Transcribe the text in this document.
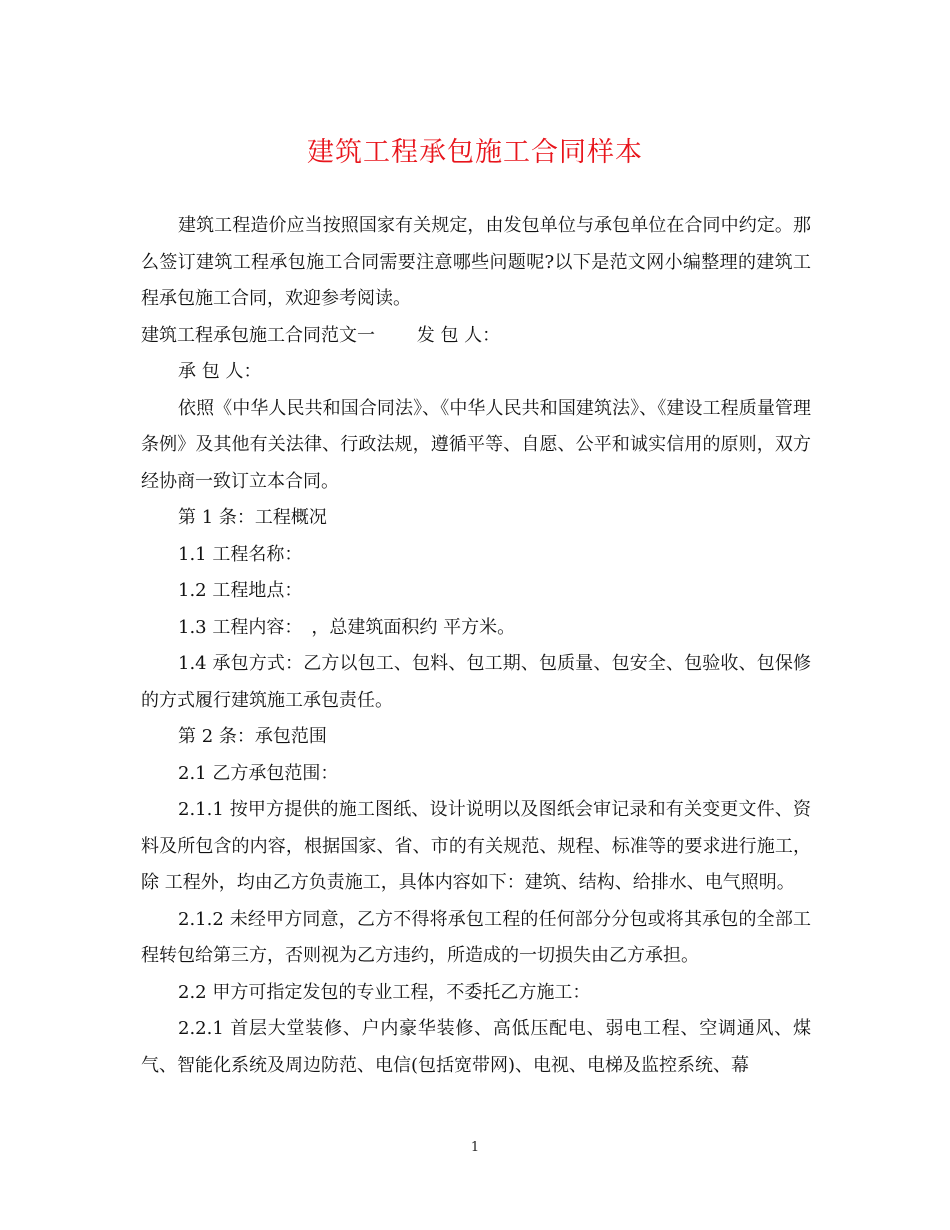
建筑工程承包施工合同样本

建筑工程造价应当按照国家有关规定，由发包单位与承包单位在合同中约定。那么签订建筑工程承包施工合同需要注意哪些问题呢?以下是范文网小编整理的建筑工程承包施工合同，欢迎参考阅读。

建筑工程承包施工合同范文一　　 发 包 人：

承 包 人：

依照《中华人民共和国合同法》、《中华人民共和国建筑法》、《建设工程质量管理条例》及其他有关法律、行政法规，遵循平等、自愿、公平和诚实信用的原则，双方经协商一致订立本合同。

第 1 条：工程概况

1.1 工程名称：

1.2 工程地点：

1.3 工程内容：　，总建筑面积约 平方米。

1.4 承包方式：乙方以包工、包料、包工期、包质量、包安全、包验收、包保修的方式履行建筑施工承包责任。

第 2 条：承包范围

2.1 乙方承包范围：

2.1.1 按甲方提供的施工图纸、设计说明以及图纸会审记录和有关变更文件、资料及所包含的内容，根据国家、省、市的有关规范、规程、标准等的要求进行施工，除 工程外，均由乙方负责施工，具体内容如下：建筑、结构、给排水、电气照明。

2.1.2 未经甲方同意，乙方不得将承包工程的任何部分分包或将其承包的全部工程转包给第三方，否则视为乙方违约，所造成的一切损失由乙方承担。

2.2 甲方可指定发包的专业工程，不委托乙方施工：

2.2.1 首层大堂装修、户内豪华装修、高低压配电、弱电工程、空调通风、煤气、智能化系统及周边防范、电信(包括宽带网)、电视、电梯及监控系统、幕

1
